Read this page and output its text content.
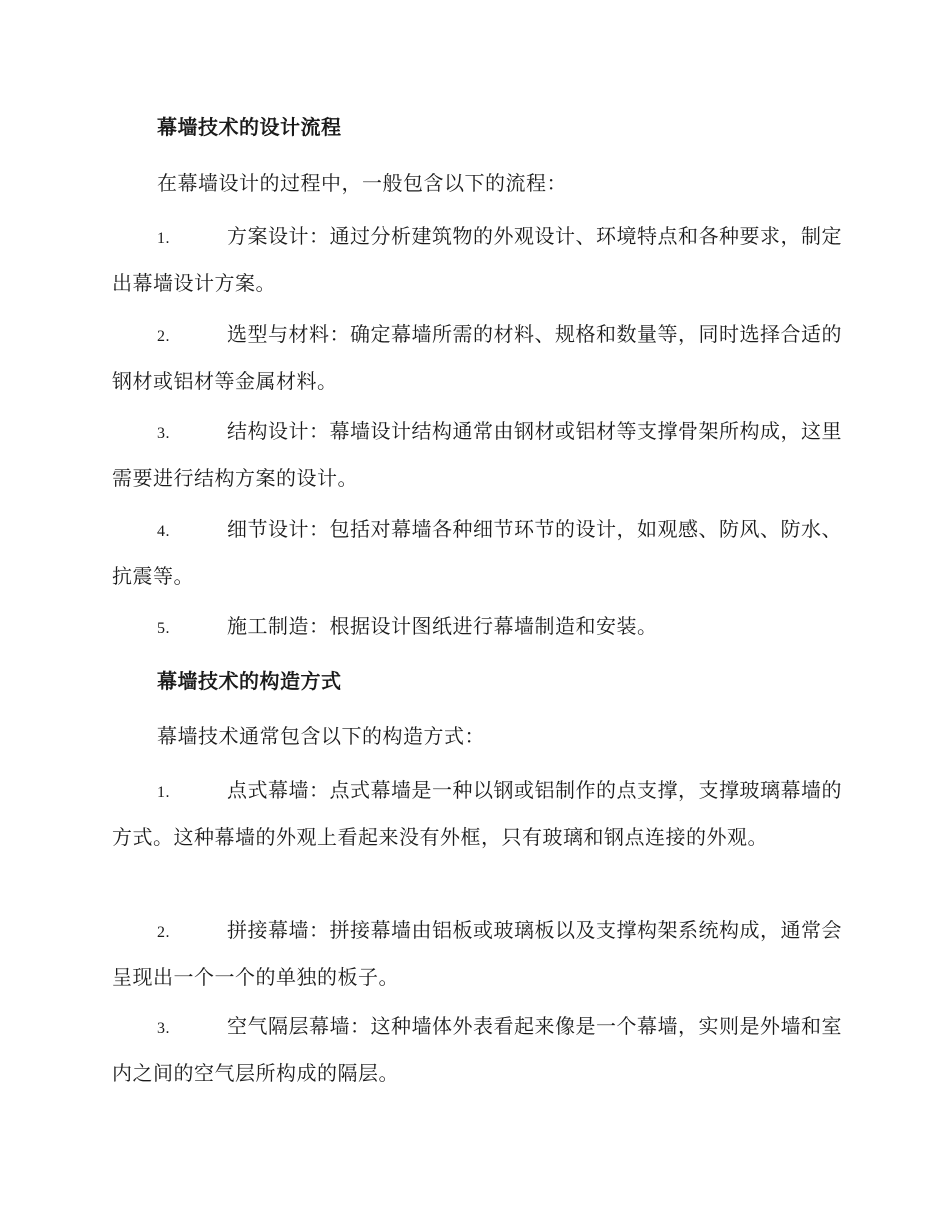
幕墙技术的设计流程
在幕墙设计的过程中，一般包含以下的流程：
1.	方案设计：通过分析建筑物的外观设计、环境特点和各种要求，制定出幕墙设计方案。
2.	选型与材料：确定幕墙所需的材料、规格和数量等，同时选择合适的钢材或铝材等金属材料。
3.	结构设计：幕墙设计结构通常由钢材或铝材等支撑骨架所构成，这里需要进行结构方案的设计。
4.	细节设计：包括对幕墙各种细节环节的设计，如观感、防风、防水、抗震等。
5.	施工制造：根据设计图纸进行幕墙制造和安装。
幕墙技术的构造方式
幕墙技术通常包含以下的构造方式：
1.	点式幕墙：点式幕墙是一种以钢或铝制作的点支撑，支撑玻璃幕墙的方式。这种幕墙的外观上看起来没有外框，只有玻璃和钢点连接的外观。
2.	拼接幕墙：拼接幕墙由铝板或玻璃板以及支撑构架系统构成，通常会呈现出一个一个的单独的板子。
3.	空气隔层幕墙：这种墙体外表看起来像是一个幕墙，实则是外墙和室内之间的空气层所构成的隔层。
